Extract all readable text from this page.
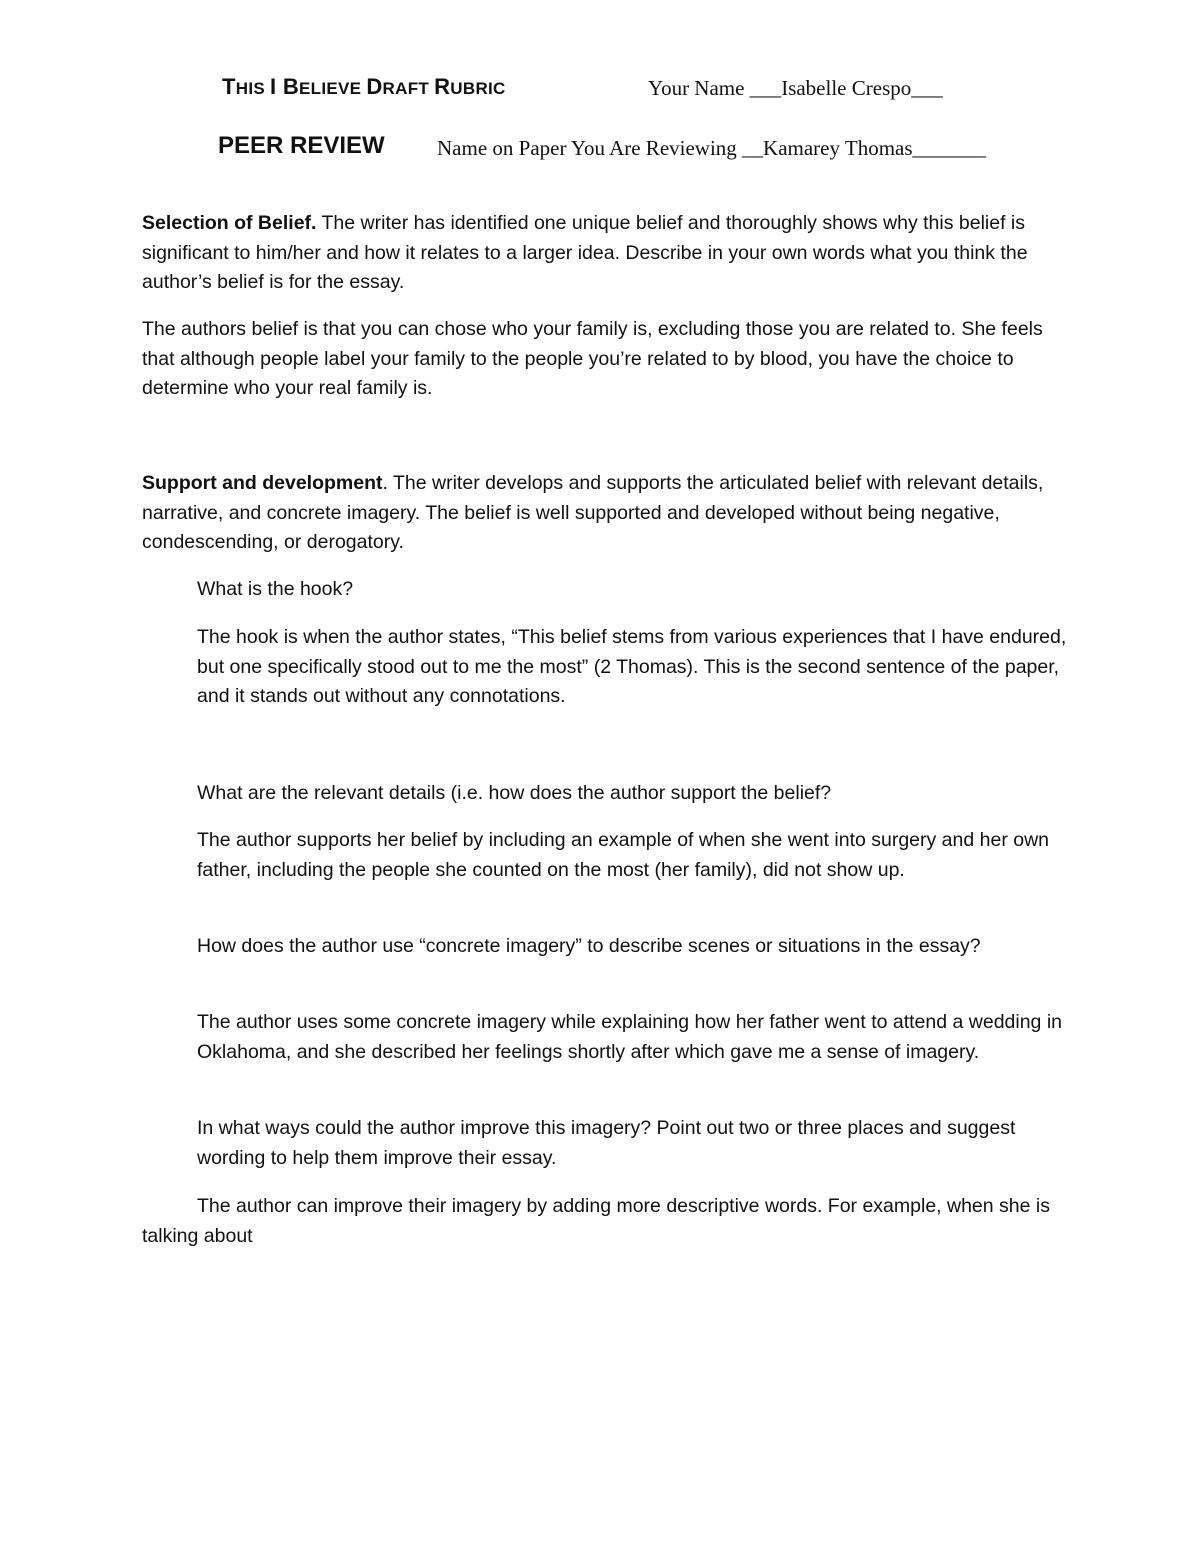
THIS I BELIEVE DRAFT RUBRIC	Your Name ___Isabelle Crespo___
PEER REVIEW Name on Paper You Are Reviewing __Kamarey Thomas_______

Selection of Belief. The writer has identified one unique belief and thoroughly shows why this belief is significant to him/her and how it relates to a larger idea. Describe in your own words what you think the author’s belief is for the essay.

The authors belief is that you can chose who your family is, excluding those you are related to. She feels that although people label your family to the people you’re related to by blood, you have the choice to determine who your real family is.

Support and development. The writer develops and supports the articulated belief with relevant details, narrative, and concrete imagery. The belief is well supported and developed without being negative, condescending, or derogatory.

What is the hook?

The hook is when the author states, “This belief stems from various experiences that I have endured, but one specifically stood out to me the most” (2 Thomas). This is the second sentence of the paper, and it stands out without any connotations.

What are the relevant details (i.e. how does the author support the belief?

The author supports her belief by including an example of when she went into surgery and her own father, including the people she counted on the most (her family), did not show up.

How does the author use “concrete imagery” to describe scenes or situations in the essay?

The author uses some concrete imagery while explaining how her father went to attend a wedding in Oklahoma, and she described her feelings shortly after which gave me a sense of imagery.

In what ways could the author improve this imagery? Point out two or three places and suggest wording to help them improve their essay.

The author can improve their imagery by adding more descriptive words. For example, when she is talking about
